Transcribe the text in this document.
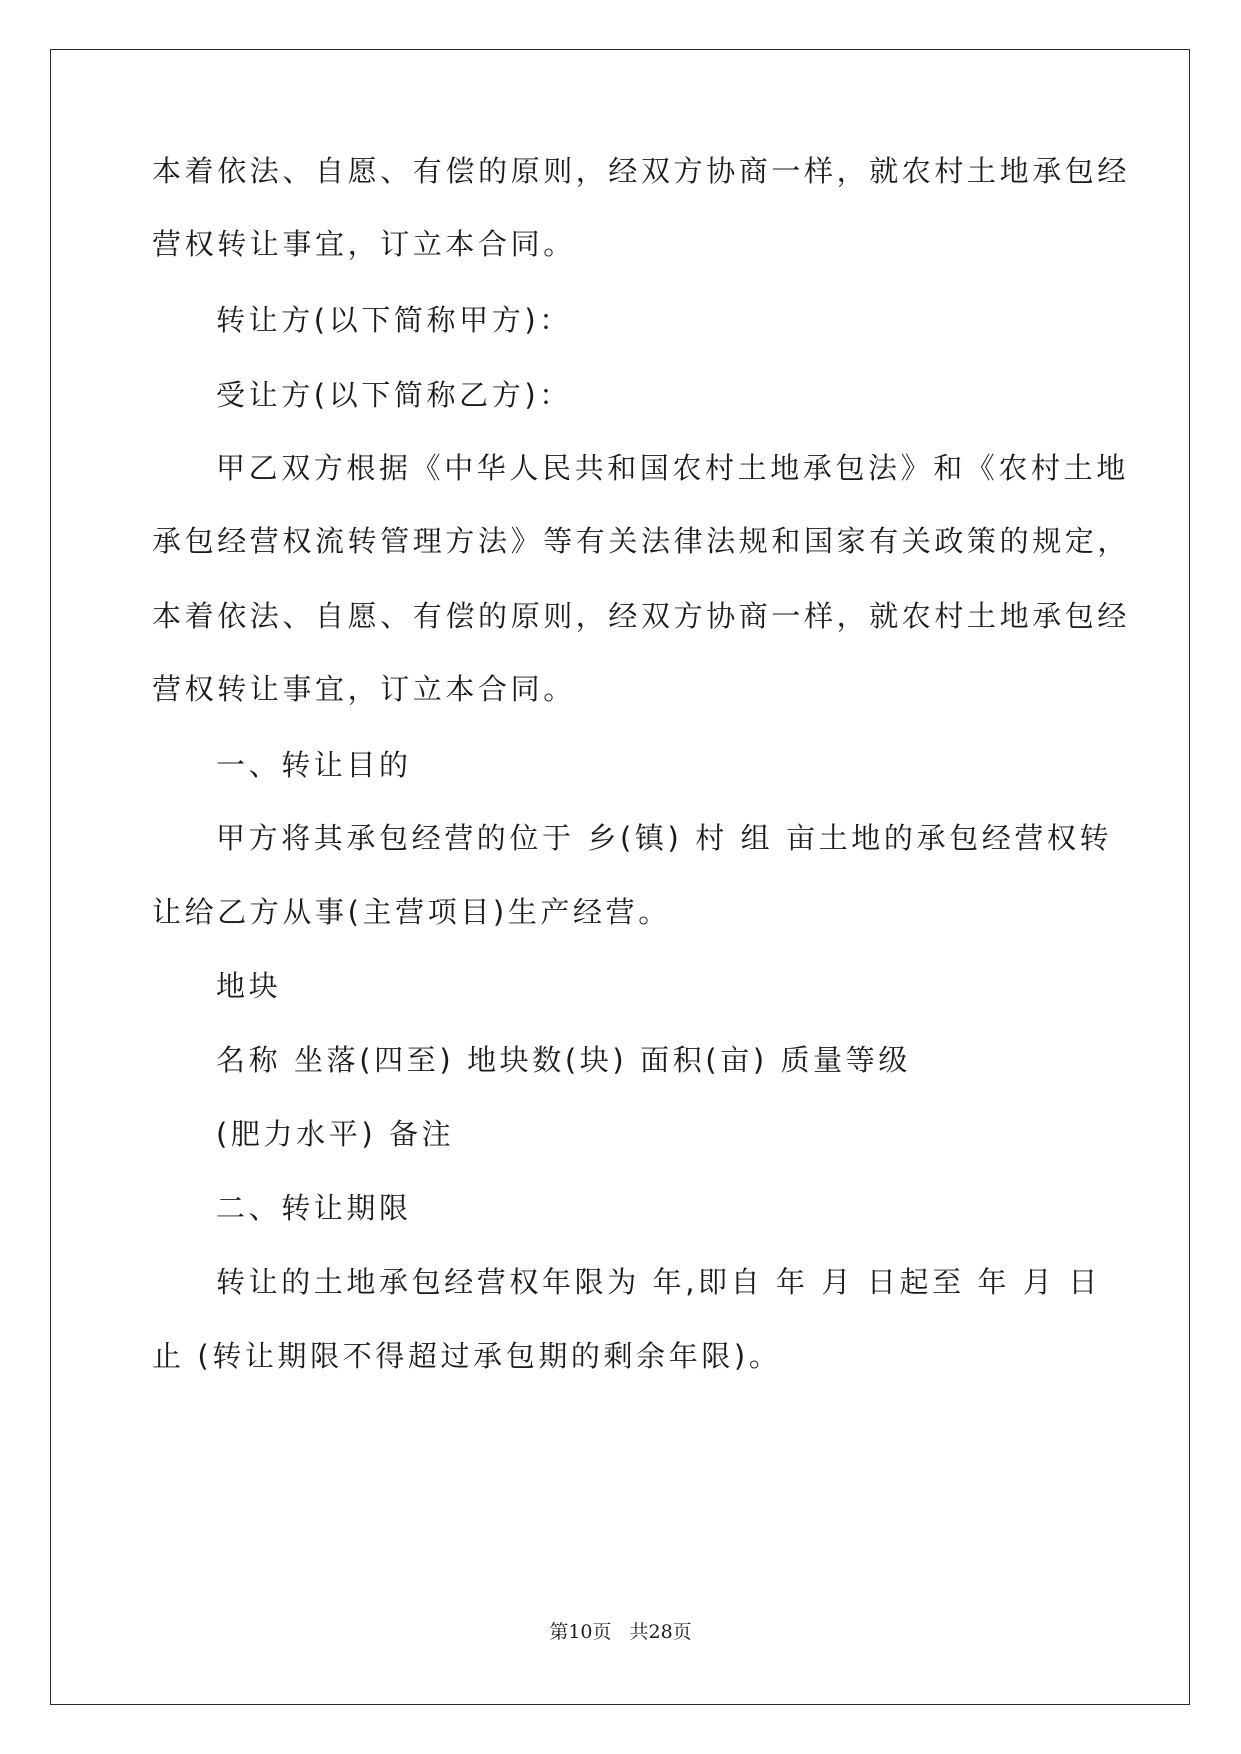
本着依法、自愿、有偿的原则，经双方协商一样，就农村土地承包经
营权转让事宜，订立本合同。
转让方(以下简称甲方)：
受让方(以下简称乙方)：
甲乙双方根据《中华人民共和国农村土地承包法》和《农村土地
承包经营权流转管理方法》等有关法律法规和国家有关政策的规定，
本着依法、自愿、有偿的原则，经双方协商一样，就农村土地承包经
营权转让事宜，订立本合同。
一、转让目的
甲方将其承包经营的位于 乡(镇) 村 组 亩土地的承包经营权转
让给乙方从事(主营项目)生产经营。
地块
名称 坐落(四至) 地块数(块) 面积(亩) 质量等级
(肥力水平) 备注
二、转让期限
转让的土地承包经营权年限为 年,即自 年 月 日起至 年 月 日
止 (转让期限不得超过承包期的剩余年限)。
第10页 共28页
